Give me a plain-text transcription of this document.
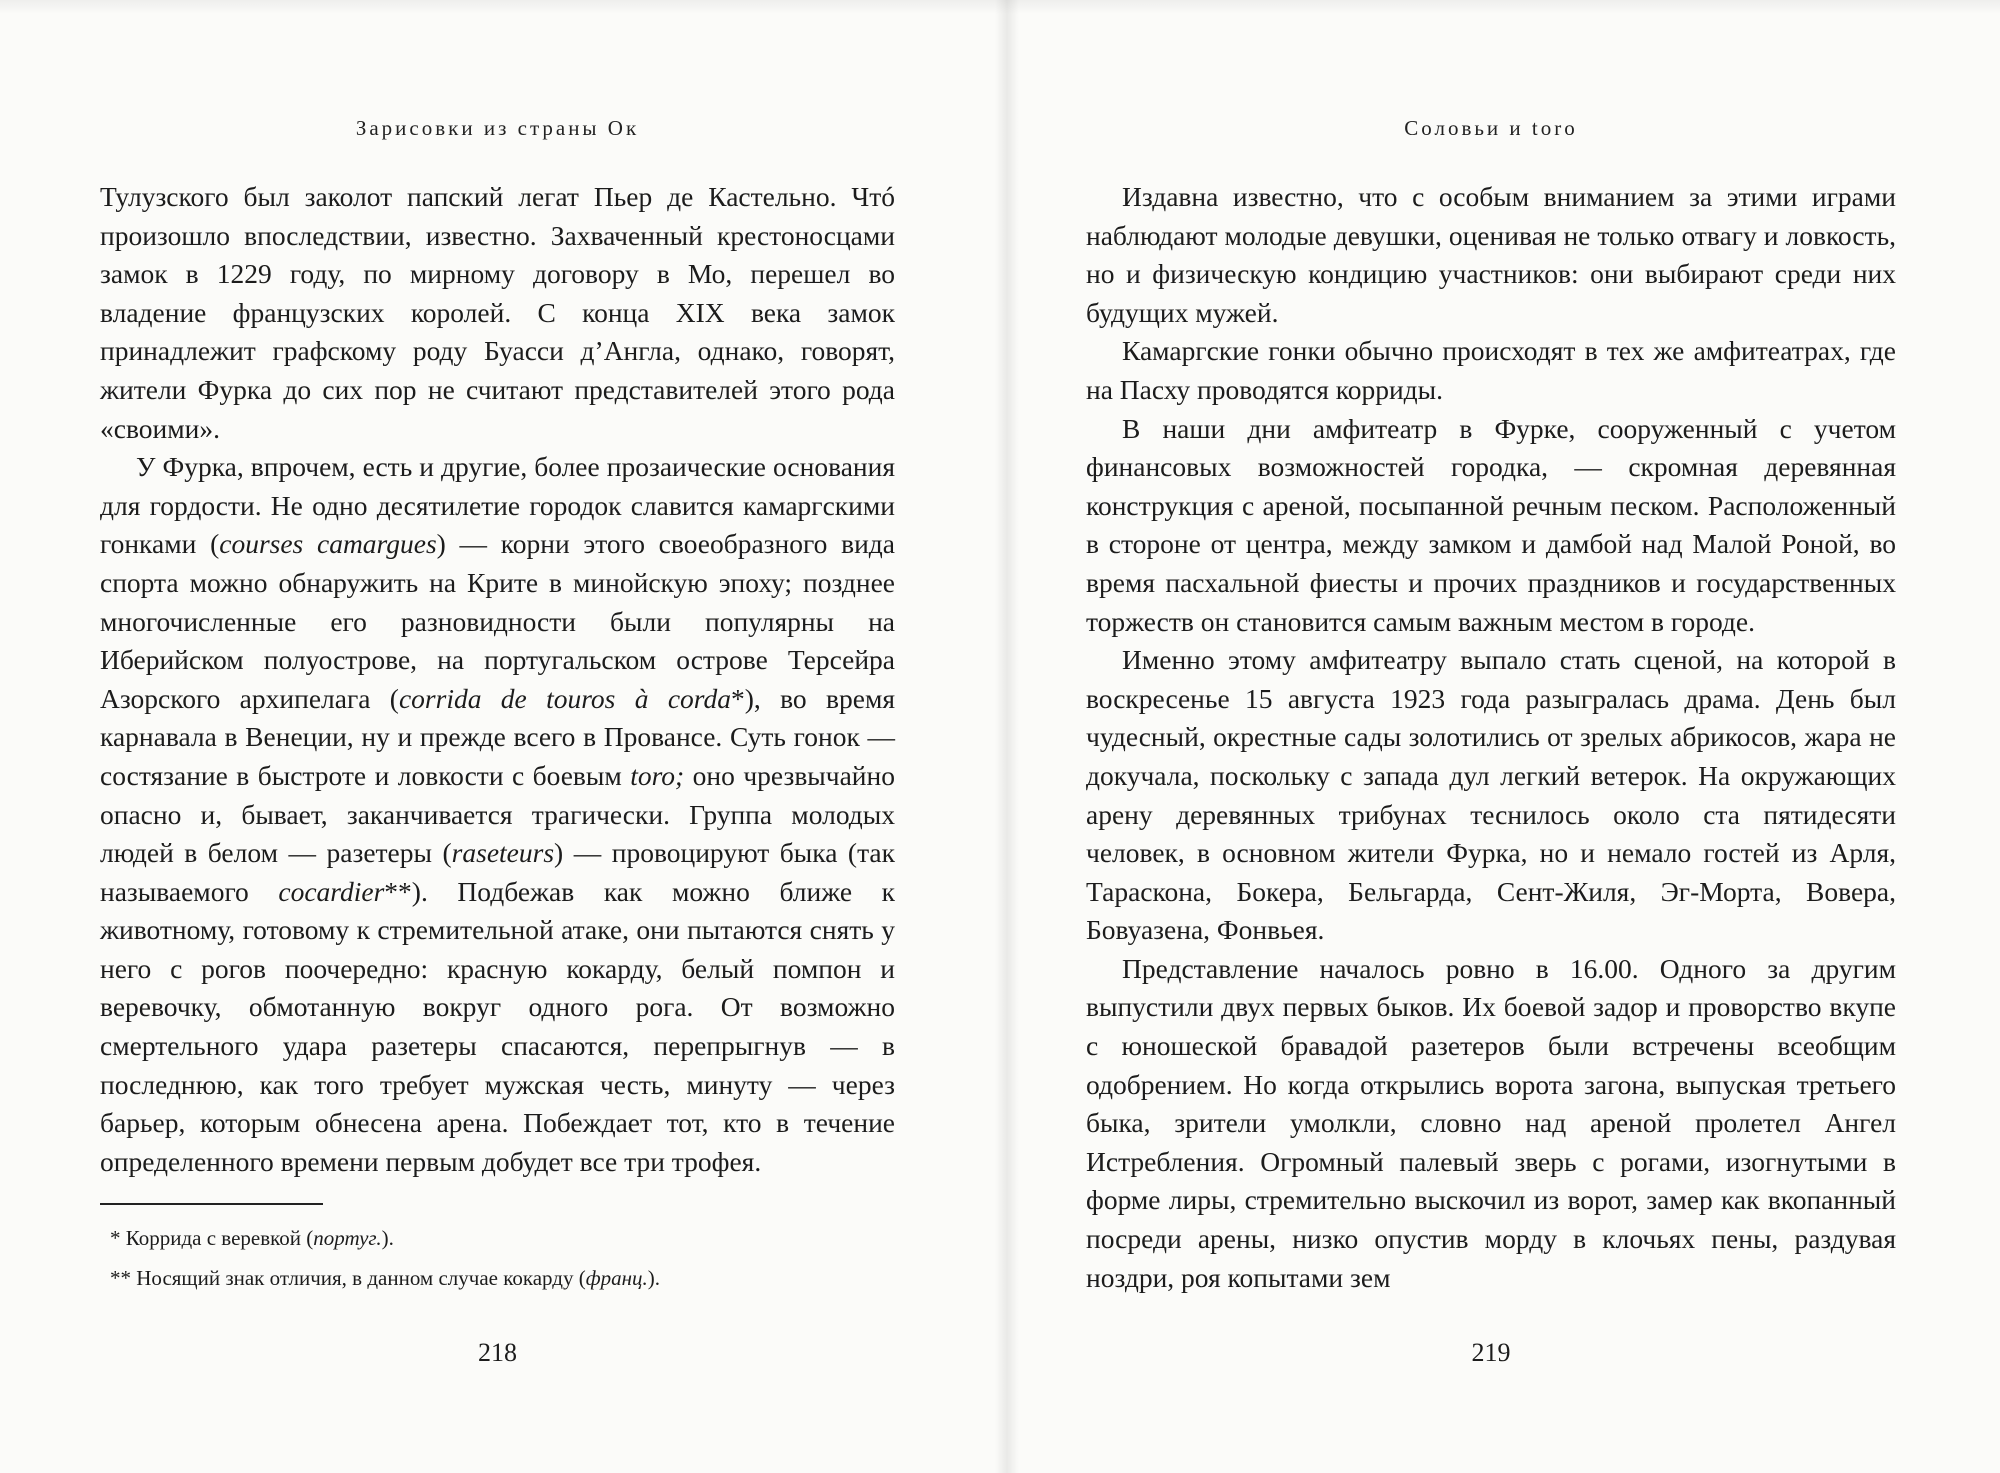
Зарисовки из страны Ок

Тулузского был заколот папский легат Пьер де Кастельно. Чтó произошло впоследствии, известно. Захваченный крестоносцами замок в 1229 году, по мирному договору в Мо, перешел во владение французских королей. С конца XIX века замок принадлежит графскому роду Буасси д’Англа, однако, говорят, жители Фурка до сих пор не считают представителей этого рода «своими».

У Фурка, впрочем, есть и другие, более прозаические основания для гордости. Не одно десятилетие городок славится камаргскими гонками (courses camargues) — корни этого своеобразного вида спорта можно обнаружить на Крите в минойскую эпоху; позднее многочисленные его разновидности были популярны на Иберийском полуострове, на португальском острове Терсейра Азорского архипелага (corrida de touros à corda*), во время карнавала в Венеции, ну и прежде всего в Провансе. Суть гонок — состязание в быстроте и ловкости с боевым toro; оно чрезвычайно опасно и, бывает, заканчивается трагически. Группа молодых людей в белом — разетеры (raseteurs) — провоцируют быка (так называемого cocardier**). Подбежав как можно ближе к животному, готовому к стремительной атаке, они пытаются снять у него с рогов поочередно: красную кокарду, белый помпон и веревочку, обмотанную вокруг одного рога. От возможно смертельного удара разетеры спасаются, перепрыгнув — в последнюю, как того требует мужская честь, минуту — через барьер, которым обнесена арена. Побеждает тот, кто в течение определенного времени первым добудет все три трофея.

* Коррида с веревкой (португ.).

** Носящий знак отличия, в данном случае кокарду (франц.).

218
Соловьи и toro

Издавна известно, что с особым вниманием за этими играми наблюдают молодые девушки, оценивая не только отвагу и ловкость, но и физическую кондицию участников: они выбирают среди них будущих мужей.

Камаргские гонки обычно происходят в тех же амфитеатрах, где на Пасху проводятся корриды.

В наши дни амфитеатр в Фурке, сооруженный с учетом финансовых возможностей городка, — скромная деревянная конструкция с ареной, посыпанной речным песком. Расположенный в стороне от центра, между замком и дамбой над Малой Роной, во время пасхальной фиесты и прочих праздников и государственных торжеств он становится самым важным местом в городе.

Именно этому амфитеатру выпало стать сценой, на которой в воскресенье 15 августа 1923 года разыгралась драма. День был чудесный, окрестные сады золотились от зрелых абрикосов, жара не докучала, поскольку с запада дул легкий ветерок. На окружающих арену деревянных трибунах теснилось около ста пятидесяти человек, в основном жители Фурка, но и немало гостей из Арля, Тараскона, Бокера, Бельгарда, Сент-Жиля, Эг-Морта, Вовера, Бовуазена, Фонвьея.

Представление началось ровно в 16.00. Одного за другим выпустили двух первых быков. Их боевой задор и проворство вкупе с юношеской бравадой разетеров были встречены всеобщим одобрением. Но когда открылись ворота загона, выпуская третьего быка, зрители умолкли, словно над ареной пролетел Ангел Истребления. Огромный палевый зверь с рогами, изогнутыми в форме лиры, стремительно выскочил из ворот, замер как вкопанный посреди арены, низко опустив морду в клочьях пены, раздувая ноздри, роя копытами зем

219
